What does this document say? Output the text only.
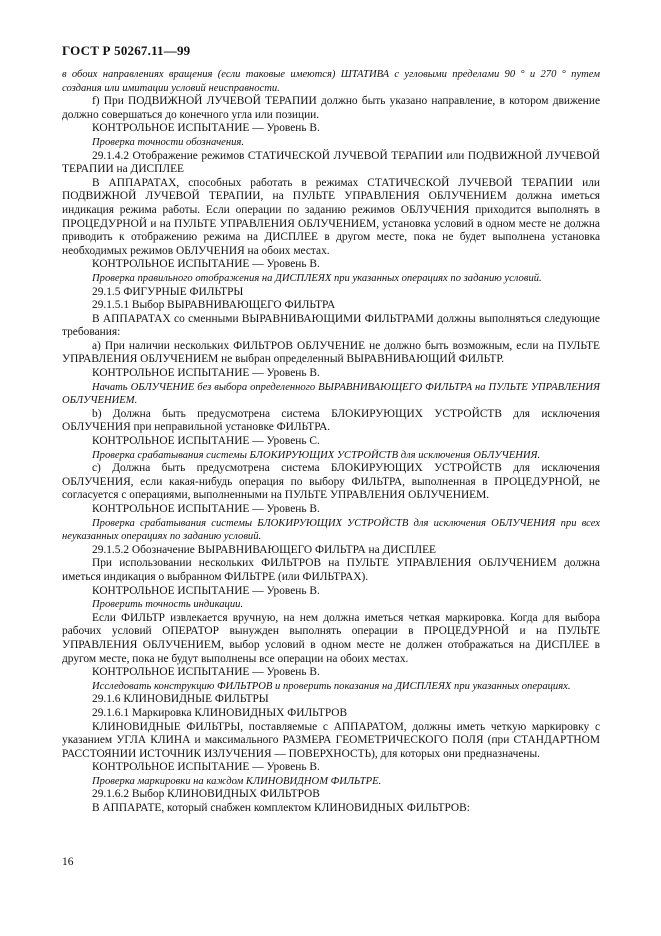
ГОСТ Р 50267.11—99

в обоих направлениях вращения (если таковые имеются) ШТАТИВА с угловыми пределами 90 ° и 270 ° путем создания или имитации условий неисправности.

f) При ПОДВИЖНОЙ ЛУЧЕВОЙ ТЕРАПИИ должно быть указано направление, в котором движение должно совершаться до конечного угла или позиции.

КОНТРОЛЬНОЕ ИСПЫТАНИЕ — Уровень В.

Проверка точности обозначения.

29.1.4.2 Отображение режимов СТАТИЧЕСКОЙ ЛУЧЕВОЙ ТЕРАПИИ или ПОДВИЖНОЙ ЛУЧЕВОЙ ТЕРАПИИ на ДИСПЛЕЕ

В АППАРАТАХ, способных работать в режимах СТАТИЧЕСКОЙ ЛУЧЕВОЙ ТЕРАПИИ или ПОДВИЖНОЙ ЛУЧЕВОЙ ТЕРАПИИ, на ПУЛЬТЕ УПРАВЛЕНИЯ ОБЛУЧЕНИЕМ должна иметься индикация режима работы. Если операции по заданию режимов ОБЛУЧЕНИЯ приходится выполнять в ПРОЦЕДУРНОЙ и на ПУЛЬТЕ УПРАВЛЕНИЯ ОБЛУЧЕНИЕМ, установка условий в одном месте не должна приводить к отображению режима на ДИСПЛЕЕ в другом месте, пока не будет выполнена установка необходимых режимов ОБЛУЧЕНИЯ на обоих местах.

КОНТРОЛЬНОЕ ИСПЫТАНИЕ — Уровень В.

Проверка правильного отображения на ДИСПЛЕЯХ при указанных операциях по заданию условий.

29.1.5 ФИГУРНЫЕ ФИЛЬТРЫ

29.1.5.1 Выбор ВЫРАВНИВАЮЩЕГО ФИЛЬТРА

В АППАРАТАХ со сменными ВЫРАВНИВАЮЩИМИ ФИЛЬТРАМИ должны выполняться следующие требования:

a) При наличии нескольких ФИЛЬТРОВ ОБЛУЧЕНИЕ не должно быть возможным, если на ПУЛЬТЕ УПРАВЛЕНИЯ ОБЛУЧЕНИЕМ не выбран определенный ВЫРАВНИВАЮЩИЙ ФИЛЬТР.

КОНТРОЛЬНОЕ ИСПЫТАНИЕ — Уровень В.

Начать ОБЛУЧЕНИЕ без выбора определенного ВЫРАВНИВАЮЩЕГО ФИЛЬТРА на ПУЛЬТЕ УПРАВЛЕНИЯ ОБЛУЧЕНИЕМ.

b) Должна быть предусмотрена система БЛОКИРУЮЩИХ УСТРОЙСТВ для исключения ОБЛУЧЕНИЯ при неправильной установке ФИЛЬТРА.

КОНТРОЛЬНОЕ ИСПЫТАНИЕ — Уровень С.

Проверка срабатывания системы БЛОКИРУЮЩИХ УСТРОЙСТВ для исключения ОБЛУЧЕНИЯ.

c) Должна быть предусмотрена система БЛОКИРУЮЩИХ УСТРОЙСТВ для исключения ОБЛУЧЕНИЯ, если какая-нибудь операция по выбору ФИЛЬТРА, выполненная в ПРОЦЕДУРНОЙ, не согласуется с операциями, выполненными на ПУЛЬТЕ УПРАВЛЕНИЯ ОБЛУЧЕНИЕМ.

КОНТРОЛЬНОЕ ИСПЫТАНИЕ — Уровень В.

Проверка срабатывания системы БЛОКИРУЮЩИХ УСТРОЙСТВ для исключения ОБЛУЧЕНИЯ при всех неуказанных операциях по заданию условий.

29.1.5.2 Обозначение ВЫРАВНИВАЮЩЕГО ФИЛЬТРА на ДИСПЛЕЕ

При использовании нескольких ФИЛЬТРОВ на ПУЛЬТЕ УПРАВЛЕНИЯ ОБЛУЧЕНИЕМ должна иметься индикация о выбранном ФИЛЬТРЕ (или ФИЛЬТРАХ).

КОНТРОЛЬНОЕ ИСПЫТАНИЕ — Уровень В.

Проверить точность индикации.

Если ФИЛЬТР извлекается вручную, на нем должна иметься четкая маркировка. Когда для выбора рабочих условий ОПЕРАТОР вынужден выполнять операции в ПРОЦЕДУРНОЙ и на ПУЛЬТЕ УПРАВЛЕНИЯ ОБЛУЧЕНИЕМ, выбор условий в одном месте не должен отображаться на ДИСПЛЕЕ в другом месте, пока не будут выполнены все операции на обоих местах.

КОНТРОЛЬНОЕ ИСПЫТАНИЕ — Уровень В.

Исследовать конструкцию ФИЛЬТРОВ и проверить показания на ДИСПЛЕЯХ при указанных операциях.

29.1.6 КЛИНОВИДНЫЕ ФИЛЬТРЫ

29.1.6.1 Маркировка КЛИНОВИДНЫХ ФИЛЬТРОВ

КЛИНОВИДНЫЕ ФИЛЬТРЫ, поставляемые с АППАРАТОМ, должны иметь четкую маркировку с указанием УГЛА КЛИНА и максимального РАЗМЕРА ГЕОМЕТРИЧЕСКОГО ПОЛЯ (при СТАНДАРТНОМ РАССТОЯНИИ ИСТОЧНИК ИЗЛУЧЕНИЯ — ПОВЕРХНОСТЬ), для которых они предназначены.

КОНТРОЛЬНОЕ ИСПЫТАНИЕ — Уровень В.

Проверка маркировки на каждом КЛИНОВИДНОМ ФИЛЬТРЕ.

29.1.6.2 Выбор КЛИНОВИДНЫХ ФИЛЬТРОВ

В АППАРАТЕ, который снабжен комплектом КЛИНОВИДНЫХ ФИЛЬТРОВ:

16
